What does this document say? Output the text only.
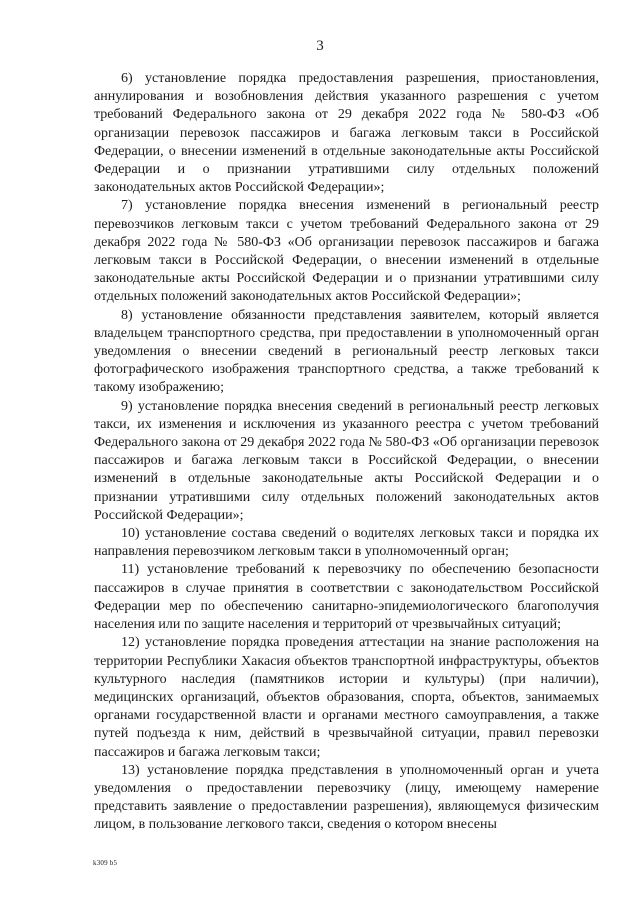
3

6) установление порядка предоставления разрешения, приостановления, аннулирования и возобновления действия указанного разрешения с учетом требований Федерального закона от 29 декабря 2022 года № 580-ФЗ «Об организации перевозок пассажиров и багажа легковым такси в Российской Федерации, о внесении изменений в отдельные законодательные акты Российской Федерации и о признании утратившими силу отдельных положений законодательных актов Российской Федерации»;

7) установление порядка внесения изменений в региональный реестр перевозчиков легковым такси с учетом требований Федерального закона от 29 декабря 2022 года № 580-ФЗ «Об организации перевозок пассажиров и багажа легковым такси в Российской Федерации, о внесении изменений в отдельные законодательные акты Российской Федерации и о признании утратившими силу отдельных положений законодательных актов Российской Федерации»;

8) установление обязанности представления заявителем, который является владельцем транспортного средства, при предоставлении в уполномоченный орган уведомления о внесении сведений в региональный реестр легковых такси фотографического изображения транспортного средства, а также требований к такому изображению;

9) установление порядка внесения сведений в региональный реестр легковых такси, их изменения и исключения из указанного реестра с учетом требований Федерального закона от 29 декабря 2022 года № 580-ФЗ «Об организации перевозок пассажиров и багажа легковым такси в Российской Федерации, о внесении изменений в отдельные законодательные акты Российской Федерации и о признании утратившими силу отдельных положений законодательных актов Российской Федерации»;

10) установление состава сведений о водителях легковых такси и порядка их направления перевозчиком легковым такси в уполномоченный орган;

11) установление требований к перевозчику по обеспечению безопасности пассажиров в случае принятия в соответствии с законодательством Российской Федерации мер по обеспечению санитарно-эпидемиологического благополучия населения или по защите населения и территорий от чрезвычайных ситуаций;

12) установление порядка проведения аттестации на знание расположения на территории Республики Хакасия объектов транспортной инфраструктуры, объектов культурного наследия (памятников истории и культуры) (при наличии), медицинских организаций, объектов образования, спорта, объектов, занимаемых органами государственной власти и органами местного самоуправления, а также путей подъезда к ним, действий в чрезвычайной ситуации, правил перевозки пассажиров и багажа легковым такси;

13) установление порядка представления в уполномоченный орган и учета уведомления о предоставлении перевозчику (лицу, имеющему намерение представить заявление о предоставлении разрешения), являющемуся физическим лицом, в пользование легкового такси, сведения о котором внесены

k309 b5
